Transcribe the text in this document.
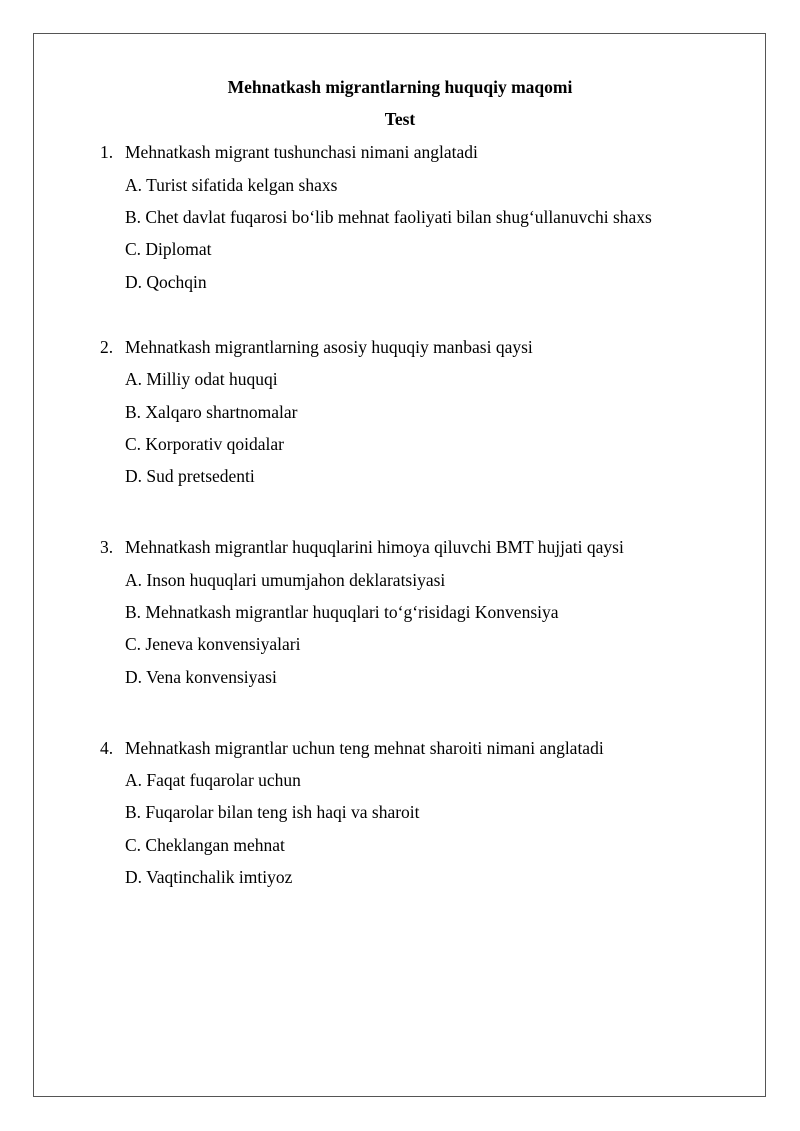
Mehnatkash migrantlarning huquqiy maqomi
Test
1. Mehnatkash migrant tushunchasi nimani anglatadi
A. Turist sifatida kelgan shaxs
B. Chet davlat fuqarosi bo‘lib mehnat faoliyati bilan shug‘ullanuvchi shaxs
C. Diplomat
D. Qochqin
2. Mehnatkash migrantlarning asosiy huquqiy manbasi qaysi
A. Milliy odat huquqi
B. Xalqaro shartnomalar
C. Korporativ qoidalar
D. Sud pretsedenti
3. Mehnatkash migrantlar huquqlarini himoya qiluvchi BMT hujjati qaysi
A. Inson huquqlari umumjahon deklaratsiyasi
B. Mehnatkash migrantlar huquqlari to‘g‘risidagi Konvensiya
C. Jeneva konvensiyalari
D. Vena konvensiyasi
4. Mehnatkash migrantlar uchun teng mehnat sharoiti nimani anglatadi
A. Faqat fuqarolar uchun
B. Fuqarolar bilan teng ish haqi va sharoit
C. Cheklangan mehnat
D. Vaqtinchalik imtiyoz
